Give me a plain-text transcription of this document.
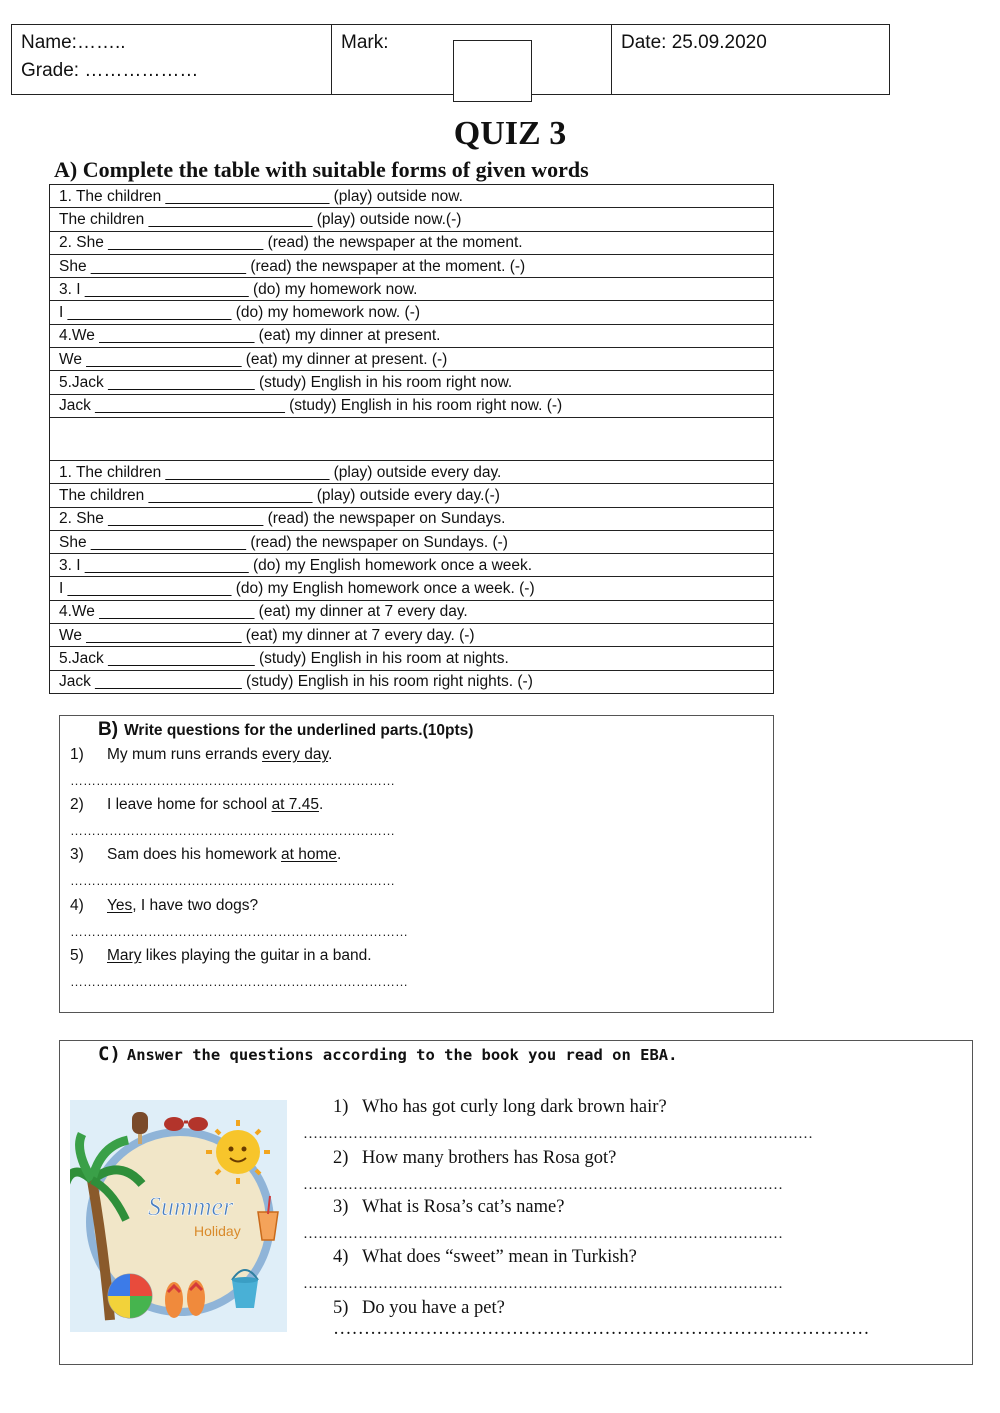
Name:……..
Grade: ………………
Mark:	Date: 25.09.2020
QUIZ 3
A) Complete the table with suitable forms of given words
1. The children ___________________ (play) outside now.
The children ___________________ (play) outside now.(-)
2. She __________________ (read) the newspaper at the moment.
She __________________ (read) the newspaper at the moment. (-)
3. I ___________________ (do) my homework now.
I ___________________ (do) my homework now. (-)
4.We __________________ (eat) my dinner at present.
We __________________ (eat) my dinner at present. (-)
5.Jack _________________ (study) English in his room right now.
Jack ______________________ (study) English in his room right now. (-)

1. The children ___________________ (play) outside every day.
The children ___________________ (play) outside every day.(-)
2. She __________________ (read) the newspaper on Sundays.
She __________________ (read) the newspaper on Sundays. (-)
3. I ___________________ (do) my English homework once a week.
I ___________________ (do) my English homework once a week. (-)
4.We __________________ (eat) my dinner at 7 every day.
We __________________ (eat) my dinner at 7 every day. (-)
5.Jack _________________ (study) English in his room at nights.
Jack _________________ (study) English in his room right nights. (-)
B) Write questions for the underlined parts.(10pts)
1) My mum runs errands every day.
…………………………………………………………………
2) I leave home for school at 7.45.
…………………………………………………………………
3) Sam does his homework at home.
…………………………………………………………………
4) Yes, I have two dogs?
……………………………………………………………………
5) Mary likes playing the guitar in a band.
……………………………………………………………………
C) Answer the questions according to the book you read on EBA.
Summer
Holiday
1) Who has got curly long dark brown hair?
…………………………………………………………………………………………
2) How many brothers has Rosa got?
……………………………………………………………………………………
3) What is Rosa’s cat’s name?
……………………………………………………………………………………
4) What does “sweet” mean in Turkish?
……………………………………………………………………………………
5) Do you have a pet? ……………………………………………………………………………
